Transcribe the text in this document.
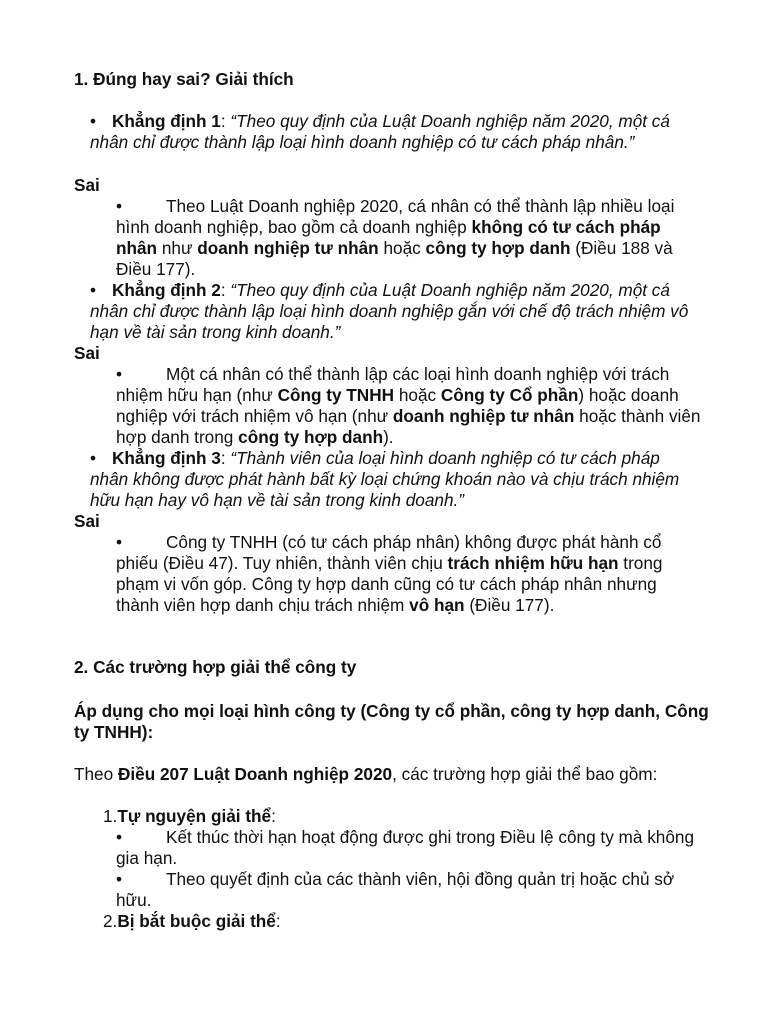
1. Đúng hay sai? Giải thích
• Khẳng định 1: “Theo quy định của Luật Doanh nghiệp năm 2020, một cá nhân chỉ được thành lập loại hình doanh nghiệp có tư cách pháp nhân.”
Sai
•	Theo Luật Doanh nghiệp 2020, cá nhân có thể thành lập nhiều loại hình doanh nghiệp, bao gồm cả doanh nghiệp không có tư cách pháp nhân như doanh nghiệp tư nhân hoặc công ty hợp danh (Điều 188 và Điều 177).
• Khẳng định 2: “Theo quy định của Luật Doanh nghiệp năm 2020, một cá nhân chỉ được thành lập loại hình doanh nghiệp gắn với chế độ trách nhiệm vô hạn về tài sản trong kinh doanh.”
Sai
•	Một cá nhân có thể thành lập các loại hình doanh nghiệp với trách nhiệm hữu hạn (như Công ty TNHH hoặc Công ty Cổ phần) hoặc doanh nghiệp với trách nhiệm vô hạn (như doanh nghiệp tư nhân hoặc thành viên hợp danh trong công ty hợp danh).
• Khẳng định 3: “Thành viên của loại hình doanh nghiệp có tư cách pháp nhân không được phát hành bất kỳ loại chứng khoán nào và chịu trách nhiệm hữu hạn hay vô hạn về tài sản trong kinh doanh.”
Sai
•	Công ty TNHH (có tư cách pháp nhân) không được phát hành cổ phiếu (Điều 47). Tuy nhiên, thành viên chịu trách nhiệm hữu hạn trong phạm vi vốn góp. Công ty hợp danh cũng có tư cách pháp nhân nhưng thành viên hợp danh chịu trách nhiệm vô hạn (Điều 177).
2. Các trường hợp giải thể công ty
Áp dụng cho mọi loại hình công ty (Công ty cổ phần, công ty hợp danh, Công ty TNHH):
Theo Điều 207 Luật Doanh nghiệp 2020, các trường hợp giải thể bao gồm:
1.Tự nguyện giải thể:
•	Kết thúc thời hạn hoạt động được ghi trong Điều lệ công ty mà không gia hạn.
•	Theo quyết định của các thành viên, hội đồng quản trị hoặc chủ sở hữu.
2.Bị bắt buộc giải thể:
